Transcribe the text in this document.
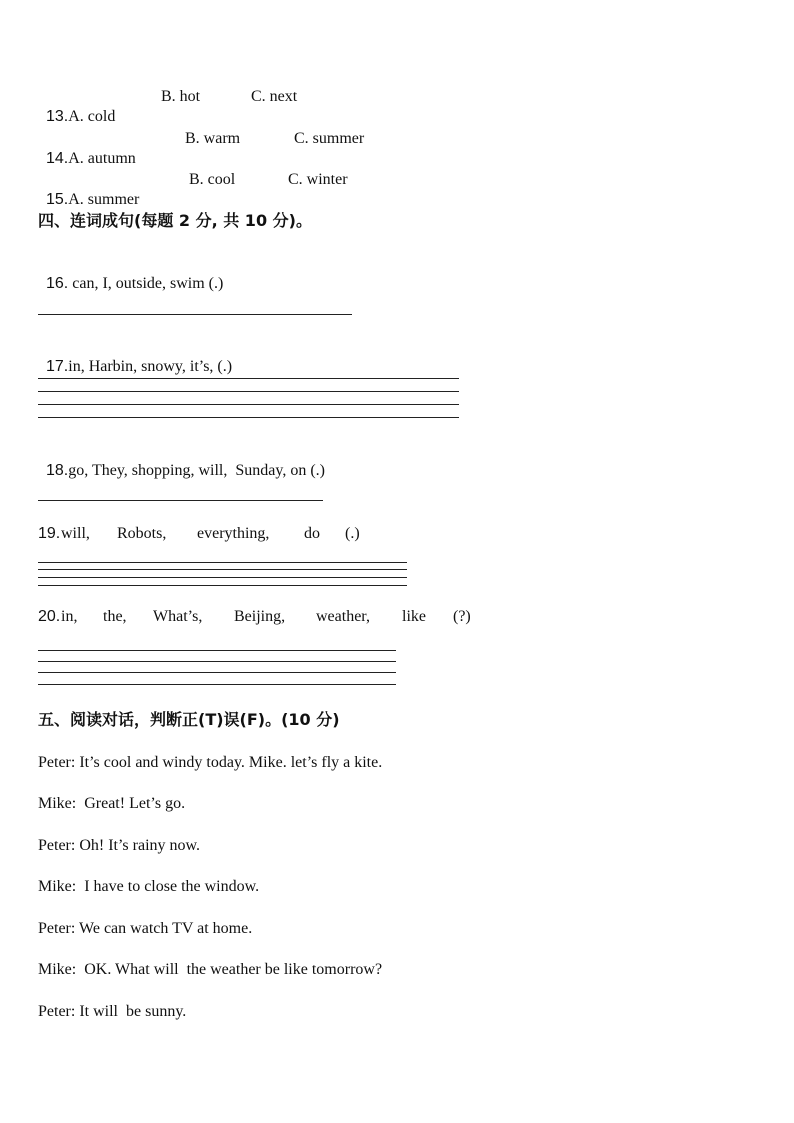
13.A. cold

B. hot

	C. next

14.A. autumn

B. warm

	C. summer

15.A. summer

B. cool

	C. winter

四、连词成句(每题 2 分, 共 10 分)。

16. can, I, outside, swim (.)

17.in, Harbin, snowy, it’s, (.)

18.go, They, shopping, will,  Sunday, on (.)

19. will, Robots, everything, do (.)
20. in, the, What’s, Beijing, weather, like (?)
五、阅读对话，判断正(T)误(F)。(10 分)
Peter: It’s cool and windy today. Mike. let’s fly a kite.
Mike:  Great! Let’s go.
Peter: Oh! It’s rainy now.
Mike:  I have to close the window.
Peter: We can watch TV at home.
Mike:  OK. What will  the weather be like tomorrow?
Peter: It will  be sunny.
